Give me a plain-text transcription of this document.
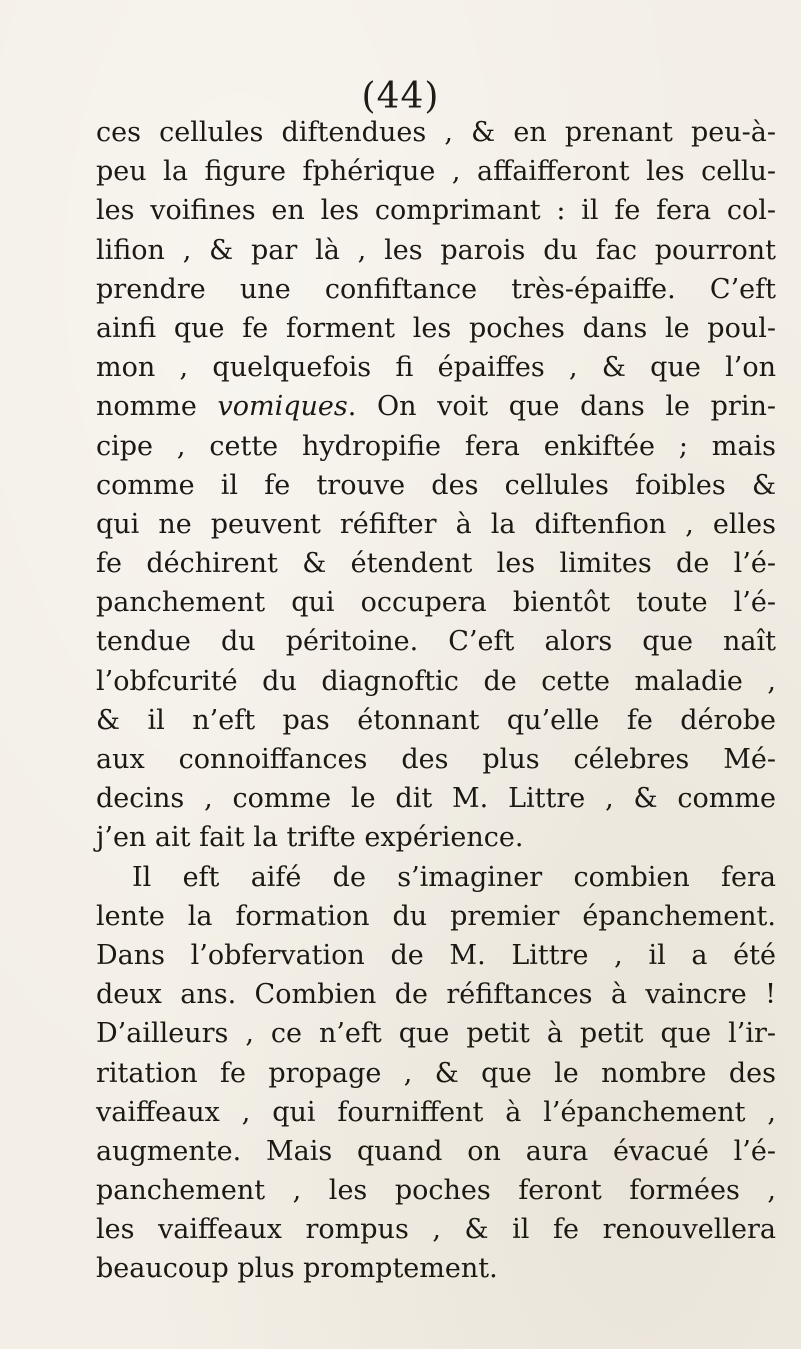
(44)
ces cellules diftendues , & en prenant peu-à-
peu la figure fphérique , affaifferont les cellu-
les voifines en les comprimant : il fe fera col-
lifion , & par là , les parois du fac pourront
prendre une confiftance très-épaiffe. C’eft
ainfi que fe forment les poches dans le poul-
mon , quelquefois fi épaiffes , & que l’on
nomme vomiques. On voit que dans le prin-
cipe , cette hydropifie fera enkiftée ; mais
comme il fe trouve des cellules foibles &
qui ne peuvent réfifter à la diftenfion , elles
fe déchirent & étendent les limites de l’é-
panchement qui occupera bientôt toute l’é-
tendue du péritoine. C’eft alors que naît
l’obfcurité du diagnoftic de cette maladie ,
& il n’eft pas étonnant qu’elle fe dérobe
aux connoiffances des plus célebres Mé-
decins , comme le dit M. Littre , & comme
j’en ait fait la trifte expérience.
Il eft aifé de s’imaginer combien fera
lente la formation du premier épanchement.
Dans l’obfervation de M. Littre , il a été
deux ans. Combien de réfiftances à vaincre !
D’ailleurs , ce n’eft que petit à petit que l’ir-
ritation fe propage , & que le nombre des
vaiffeaux , qui fourniffent à l’épanchement ,
augmente. Mais quand on aura évacué l’é-
panchement , les poches feront formées ,
les vaiffeaux rompus , & il fe renouvellera
beaucoup plus promptement.
